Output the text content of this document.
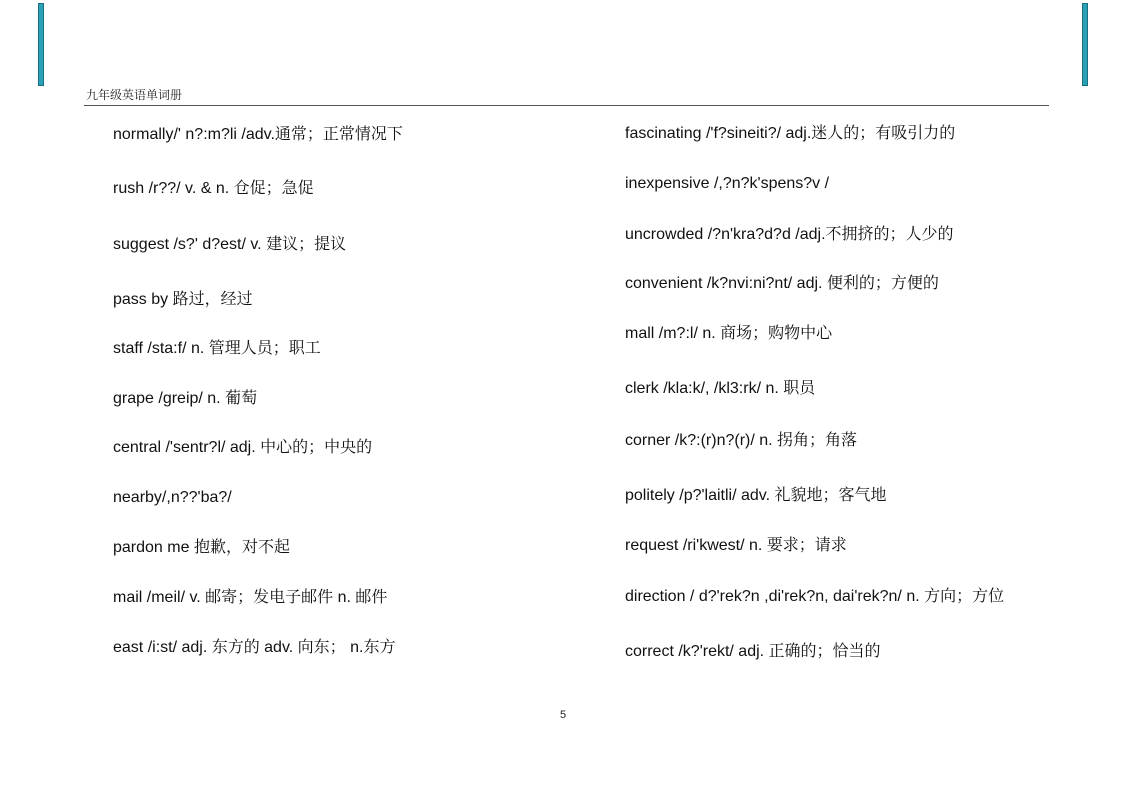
九年级英语单词册
normally/' n?:m?li /adv.通常；正常情况下
rush /r??/ v. & n. 仓促；急促
suggest /s?' d?est/ v. 建议；提议
pass by 路过，经过
staff /sta:f/ n. 管理人员；职工
grape /greip/ n. 葡萄
central /'sentr?l/ adj. 中心的；中央的
nearby/,n??'ba?/
pardon me 抱歉，对不起
mail /meil/ v. 邮寄；发电子邮件 n. 邮件
east /i:st/ adj. 东方的 adv. 向东； n.东方
fascinating /'f?sineiti?/ adj.迷人的；有吸引力的
inexpensive /,?n?k'spens?v /
uncrowded /?n'kra?d?d /adj.不拥挤的；人少的
convenient /k?nvi:ni?nt/ adj. 便利的；方便的
mall /m?:l/ n. 商场；购物中心
clerk /kla:k/, /kl3:rk/ n. 职员
corner /k?:(r)n?(r)/ n. 拐角；角落
politely /p?'laitli/ adv. 礼貌地；客气地
request /ri'kwest/ n. 要求；请求
direction / d?'rek?n ,di'rek?n, dai'rek?n/ n. 方向；方位
correct /k?'rekt/ adj. 正确的；恰当的
5
